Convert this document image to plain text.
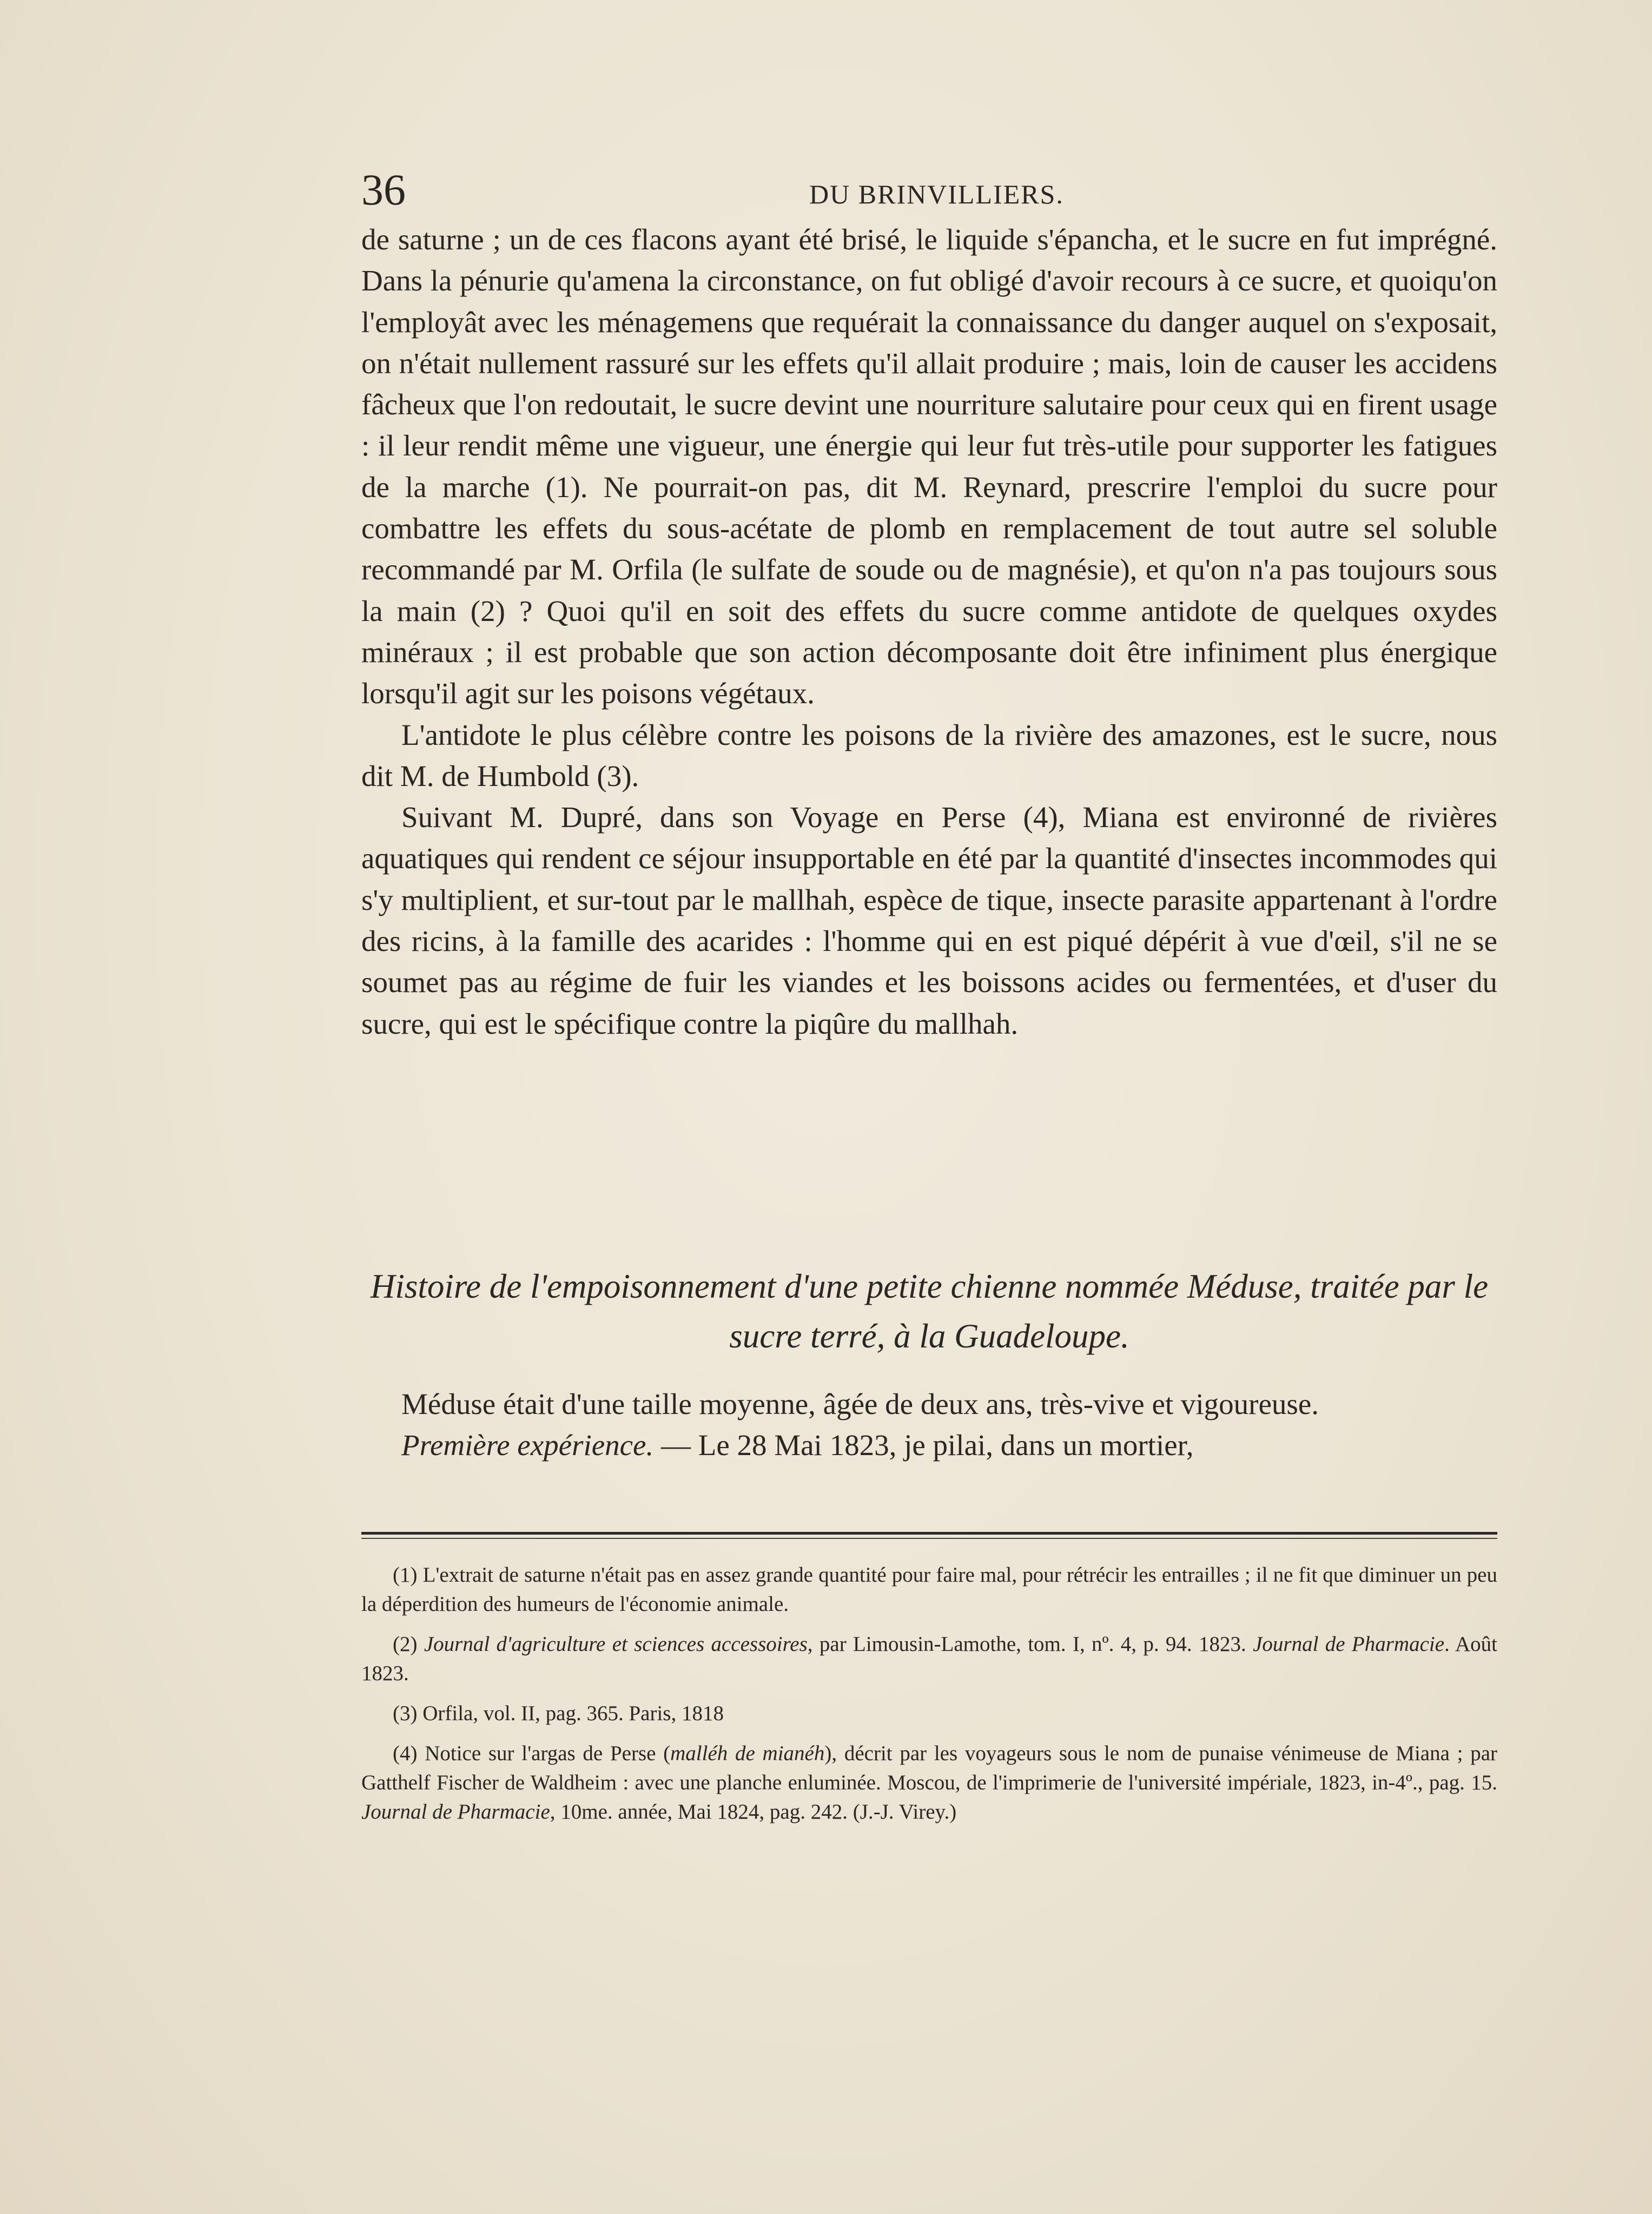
36	DU BRINVILLIERS.

de saturne ; un de ces flacons ayant été brisé, le liquide s'épancha, et le sucre en fut imprégné. Dans la pénurie qu'amena la circonstance, on fut obligé d'avoir recours à ce sucre, et quoiqu'on l'employât avec les ménagemens que requérait la connaissance du danger auquel on s'exposait, on n'était nullement rassuré sur les effets qu'il allait produire ; mais, loin de causer les accidens fâcheux que l'on redoutait, le sucre devint une nourriture salutaire pour ceux qui en firent usage : il leur rendit même une vigueur, une énergie qui leur fut très-utile pour supporter les fatigues de la marche (1). Ne pourrait-on pas, dit M. Reynard, prescrire l'emploi du sucre pour combattre les effets du sous-acétate de plomb en remplacement de tout autre sel soluble recommandé par M. Orfila (le sulfate de soude ou de magnésie), et qu'on n'a pas toujours sous la main (2) ? Quoi qu'il en soit des effets du sucre comme antidote de quelques oxydes minéraux ; il est probable que son action décomposante doit être infiniment plus énergique lorsqu'il agit sur les poisons végétaux.

L'antidote le plus célèbre contre les poisons de la rivière des amazones, est le sucre, nous dit M. de Humbold (3).

Suivant M. Dupré, dans son Voyage en Perse (4), Miana est environné de rivières aquatiques qui rendent ce séjour insupportable en été par la quantité d'insectes incommodes qui s'y multiplient, et sur-tout par le mallhah, espèce de tique, insecte parasite appartenant à l'ordre des ricins, à la famille des acarides : l'homme qui en est piqué dépérit à vue d'œil, s'il ne se soumet pas au régime de fuir les viandes et les boissons acides ou fermentées, et d'user du sucre, qui est le spécifique contre la piqûre du mallhah.

Histoire de l'empoisonnement d'une petite chienne nommée Méduse, traitée par le sucre terré, à la Guadeloupe.

Méduse était d'une taille moyenne, âgée de deux ans, très-vive et vigoureuse.

Première expérience. — Le 28 Mai 1823, je pilai, dans un mortier,

(1) L'extrait de saturne n'était pas en assez grande quantité pour faire mal, pour rétrécir les entrailles ; il ne fit que diminuer un peu la déperdition des humeurs de l'économie animale.

(2) Journal d'agriculture et sciences accessoires, par Limousin-Lamothe, tom. I, nº. 4, p. 94. 1823. Journal de Pharmacie. Août 1823.

(3) Orfila, vol. II, pag. 365. Paris, 1818

(4) Notice sur l'argas de Perse (malléh de mianéh), décrit par les voyageurs sous le nom de punaise vénimeuse de Miana ; par Gatthelf Fischer de Waldheim : avec une planche enluminée. Moscou, de l'imprimerie de l'université impériale, 1823, in-4º., pag. 15. Journal de Pharmacie, 10me. année, Mai 1824, pag. 242. (J.-J. Virey.)
